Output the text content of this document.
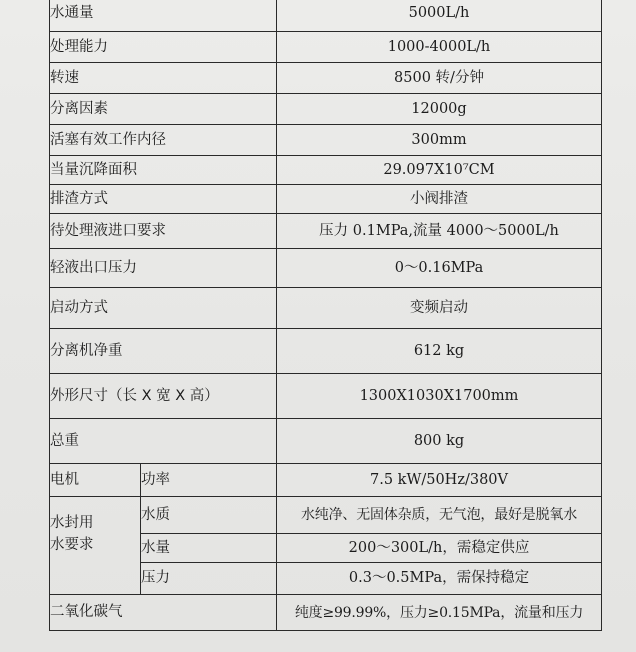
水通量		5000L/h
处理能力		1000-4000L/h
转速		8500 转/分钟
分离因素		12000g
活塞有效工作内径		300mm
当量沉降面积		29.097X10⁷CM
排渣方式		小阀排渣
待处理液进口要求		压力 0.1MPa,流量 4000～5000L/h
轻液出口压力		0～0.16MPa
启动方式		变频启动
分离机净重		612 kg
外形尺寸（长 X 宽 X 高）		1300X1030X1700mm
总重		800 kg
电机	功率	7.5 kW/50Hz/380V

水封用
水要求	水质	水纯净、无固体杂质，无气泡，最好是脱氧水
	水量	200～300L/h，需稳定供应
	压力	0.3～0.5MPa，需保持稳定
二氧化碳气		纯度≥99.99%，压力≥0.15MPa，流量和压力
